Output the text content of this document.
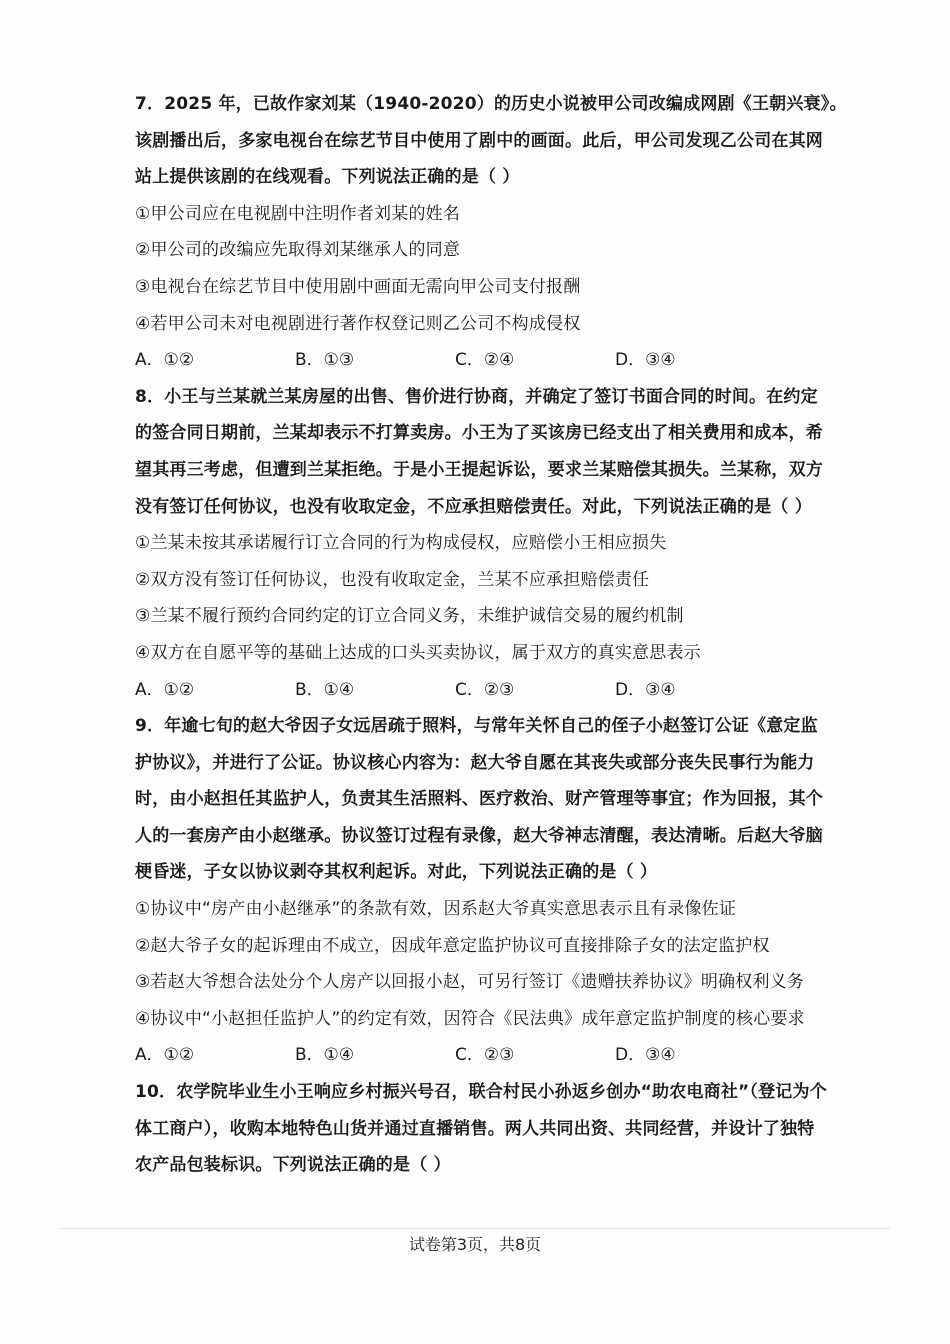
7．2025 年，已故作家刘某（1940-2020）的历史小说被甲公司改编成网剧《王朝兴衰》。
该剧播出后，多家电视台在综艺节目中使用了剧中的画面。此后，甲公司发现乙公司在其网
站上提供该剧的在线观看。下列说法正确的是（ ）
①甲公司应在电视剧中注明作者刘某的姓名
②甲公司的改编应先取得刘某继承人的同意
③电视台在综艺节目中使用剧中画面无需向甲公司支付报酬
④若甲公司未对电视剧进行著作权登记则乙公司不构成侵权
A．①②	B．①③	C．②④	D．③④
8．小王与兰某就兰某房屋的出售、售价进行协商，并确定了签订书面合同的时间。在约定
的签合同日期前，兰某却表示不打算卖房。小王为了买该房已经支出了相关费用和成本，希
望其再三考虑，但遭到兰某拒绝。于是小王提起诉讼，要求兰某赔偿其损失。兰某称，双方
没有签订任何协议，也没有收取定金，不应承担赔偿责任。对此，下列说法正确的是（ ）
①兰某未按其承诺履行订立合同的行为构成侵权，应赔偿小王相应损失
②双方没有签订任何协议，也没有收取定金，兰某不应承担赔偿责任
③兰某不履行预约合同约定的订立合同义务，未维护诚信交易的履约机制
④双方在自愿平等的基础上达成的口头买卖协议，属于双方的真实意思表示
A．①②	B．①④	C．②③	D．③④
9．年逾七旬的赵大爷因子女远居疏于照料，与常年关怀自己的侄子小赵签订公证《意定监
护协议》，并进行了公证。协议核心内容为：赵大爷自愿在其丧失或部分丧失民事行为能力
时，由小赵担任其监护人，负责其生活照料、医疗救治、财产管理等事宜；作为回报，其个
人的一套房产由小赵继承。协议签订过程有录像，赵大爷神志清醒，表达清晰。后赵大爷脑
梗昏迷，子女以协议剥夺其权利起诉。对此，下列说法正确的是（ ）
①协议中“房产由小赵继承”的条款有效，因系赵大爷真实意思表示且有录像佐证
②赵大爷子女的起诉理由不成立，因成年意定监护协议可直接排除子女的法定监护权
③若赵大爷想合法处分个人房产以回报小赵，可另行签订《遗赠扶养协议》明确权利义务
④协议中“小赵担任监护人”的约定有效，因符合《民法典》成年意定监护制度的核心要求
A．①②	B．①④	C．②③	D．③④
10．农学院毕业生小王响应乡村振兴号召，联合村民小孙返乡创办“助农电商社”（登记为个
体工商户），收购本地特色山货并通过直播销售。两人共同出资、共同经营，并设计了独特
农产品包装标识。下列说法正确的是（ ）
试卷第3页，共8页
